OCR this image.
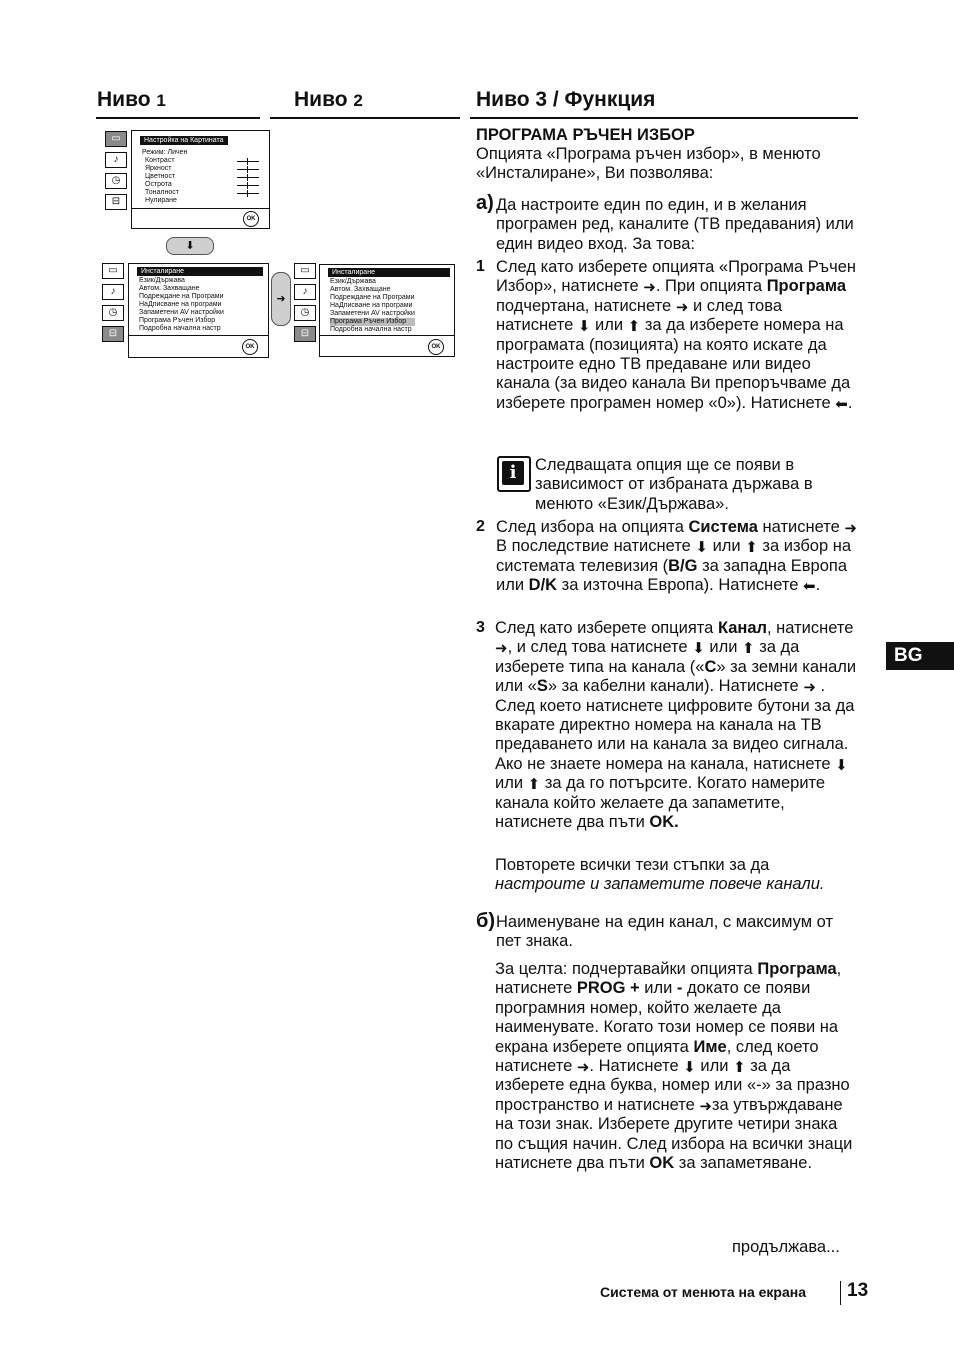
Ниво 1	Ниво 2	Ниво 3 / Функция
▭
♪
◷
⊟
Настройка на Картината
Режим: Личен
Контраст
Яркност
Цветност
Острота
Тоналност
Нулиране
OK
⬇
▭
♪
◷
⊟
Инсталиране
Език/Държава
Автом. Захващане
Подреждане на Програми
НаДписване на програми
Запаметени AV настройки
Програма Ръчен Избор
Подробна начална настр
OK
➜
▭
♪
◷
⊟
Инсталиране
Език/Държава
Автом. Захващане
Подреждане на Програми
НаДписване на програми
Запаметени AV настройки
Програма Ръчен Избор
Подробна начална настр
OK
ПРОГРАМА РЪЧЕН ИЗБОР
Опцията «Програма ръчен избор», в менюто «Инсталиране», Ви позволява:
а) Да настроите един по един, и в желания програмен ред, каналите (ТВ предавания) или един видео вход. За това:
1 След като изберете опцията «Програма Ръчен Избор», натиснете ➜. При опцията Програма подчертана, натиснете ➜ и след това натиснете ⬇ или ⬆ за да изберете номера на програмата (позицията) на която искате да настроите едно ТВ предаване или видео канала (за видео канала Ви препоръчваме да изберете програмен номер «0»). Натиснете ⬅.
i	Следващата опция ще се появи в зависимост от избраната държава в менюто «Език/Държава».
2 След избора на опцията Система натиснете ➜В последствие натиснете ⬇ или ⬆ за избор на системата телевизия (B/G за западна Европа или D/K за източна Европа). Натиснете ⬅.
3 След като изберете опцията Канал, натиснете ➜, и след това натиснете ⬇ или ⬆ за да изберете типа на канала («C» за земни канали или «S» за кабелни канали). Натиснете ➜ . След което натиснете цифровите бутони за да вкарате директно номера на канала на ТВ предаването или на канала за видео сигнала. Ако не знаете номера на канала, натиснете ⬇ или ⬆ за да го потърсите. Когато намерите канала който желаете да запаметите, натиснете два пъти OK.
Повторете всички тези стъпки за да
настроите и запаметите повече канали.
б) Наименуване на един канал, с максимум от пет знака.
За целта: подчертавайки опцията Програма, натиснете PROG + или - докато се появи програмния номер, който желаете да наименувате. Когато този номер се появи на екрана изберете опцията Име, след което натиснете ➜. Натиснете ⬇ или ⬆ за да изберете една буква, номер или «-» за празно пространство и натиснете ➜за утвърждаване на този знак. Изберете другите четири знака по същия начин. След избора на всички знаци натиснете два пъти OK за запаметяване.
продължава...
BG
Система от менюта на екрана 13
